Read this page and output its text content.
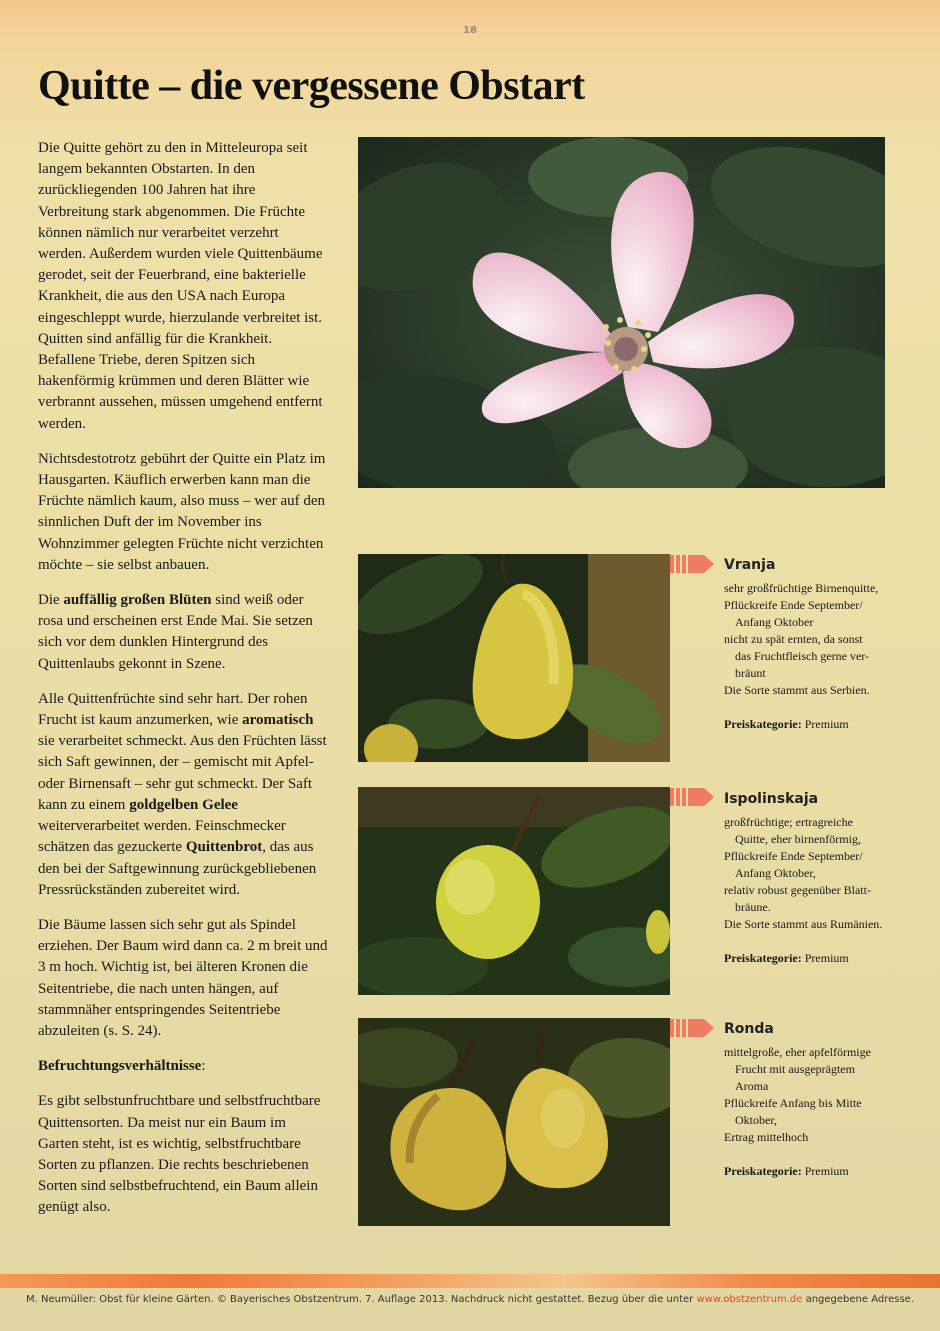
18
Quitte – die vergessene Obstart

Die Quitte gehört zu den in Mitteleuropa seit langem bekannten Obstarten. In den zurückliegenden 100 Jahren hat ihre Verbreitung stark abgenommen. Die Früchte können nämlich nur verarbeitet verzehrt werden. Außerdem wurden viele Quittenbäume gerodet, seit der Feuerbrand, eine bakterielle Krankheit, die aus den USA nach Europa eingeschleppt wurde, hierzulande verbreitet ist. Quitten sind anfällig für die Krankheit. Befallene Triebe, deren Spitzen sich hakenförmig krümmen und deren Blätter wie verbrannt aussehen, müssen umgehend entfernt werden.

Nichtsdestotrotz gebührt der Quitte ein Platz im Hausgarten. Käuflich erwerben kann man die Früchte nämlich kaum, also muss – wer auf den sinnlichen Duft der im November ins Wohnzimmer gelegten Früchte nicht verzichten möchte – sie selbst anbauen.

Die auffällig großen Blüten sind weiß oder rosa und erscheinen erst Ende Mai. Sie setzen sich vor dem dunklen Hintergrund des Quittenlaubs gekonnt in Szene.

Alle Quittenfrüchte sind sehr hart. Der rohen Frucht ist kaum anzumerken, wie aromatisch sie verarbeitet schmeckt. Aus den Früchten lässt sich Saft gewinnen, der – gemischt mit Apfel- oder Birnensaft – sehr gut schmeckt. Der Saft kann zu einem goldgelben Gelee weiterverarbeitet werden. Feinschmecker schätzen das gezuckerte Quittenbrot, das aus den bei der Saftgewinnung zurückgebliebenen Pressrückständen zubereitet wird.

Die Bäume lassen sich sehr gut als Spindel erziehen. Der Baum wird dann ca. 2 m breit und 3 m hoch. Wichtig ist, bei älteren Kronen die Seitentriebe, die nach unten hängen, auf stammnäher entspringendes Seitentriebe abzuleiten (s. S. 24).

Befruchtungsverhältnisse:

Es gibt selbstunfruchtbare und selbstfruchtbare Quittensorten. Da meist nur ein Baum im Garten steht, ist es wichtig, selbstfruchtbare Sorten zu pflanzen. Die rechts beschriebenen Sorten sind selbstbefruchtend, ein Baum allein genügt also.

Vranja
sehr großfrüchtige Birnenquitte,
Pflückreife Ende September/
Anfang Oktober
nicht zu spät ernten, da sonst
das Fruchtfleisch gerne ver-
bräunt
Die Sorte stammt aus Serbien.
Preiskategorie: Premium
Ispolinskaja
großfrüchtige; ertragreiche
Quitte, eher birnenförmig,
Pflückreife Ende September/
Anfang Oktober,
relativ robust gegenüber Blatt-
bräune.
Die Sorte stammt aus Rumänien.
Preiskategorie: Premium
Ronda
mittelgroße, eher apfelförmige
Frucht mit ausgeprägtem
Aroma
Pflückreife Anfang bis Mitte
Oktober,
Ertrag mittelhoch
Preiskategorie: Premium
M. Neumüller: Obst für kleine Gärten. © Bayerisches Obstzentrum. 7. Auflage 2013. Nachdruck nicht gestattet. Bezug über die unter www.obstzentrum.de angegebene Adresse.
